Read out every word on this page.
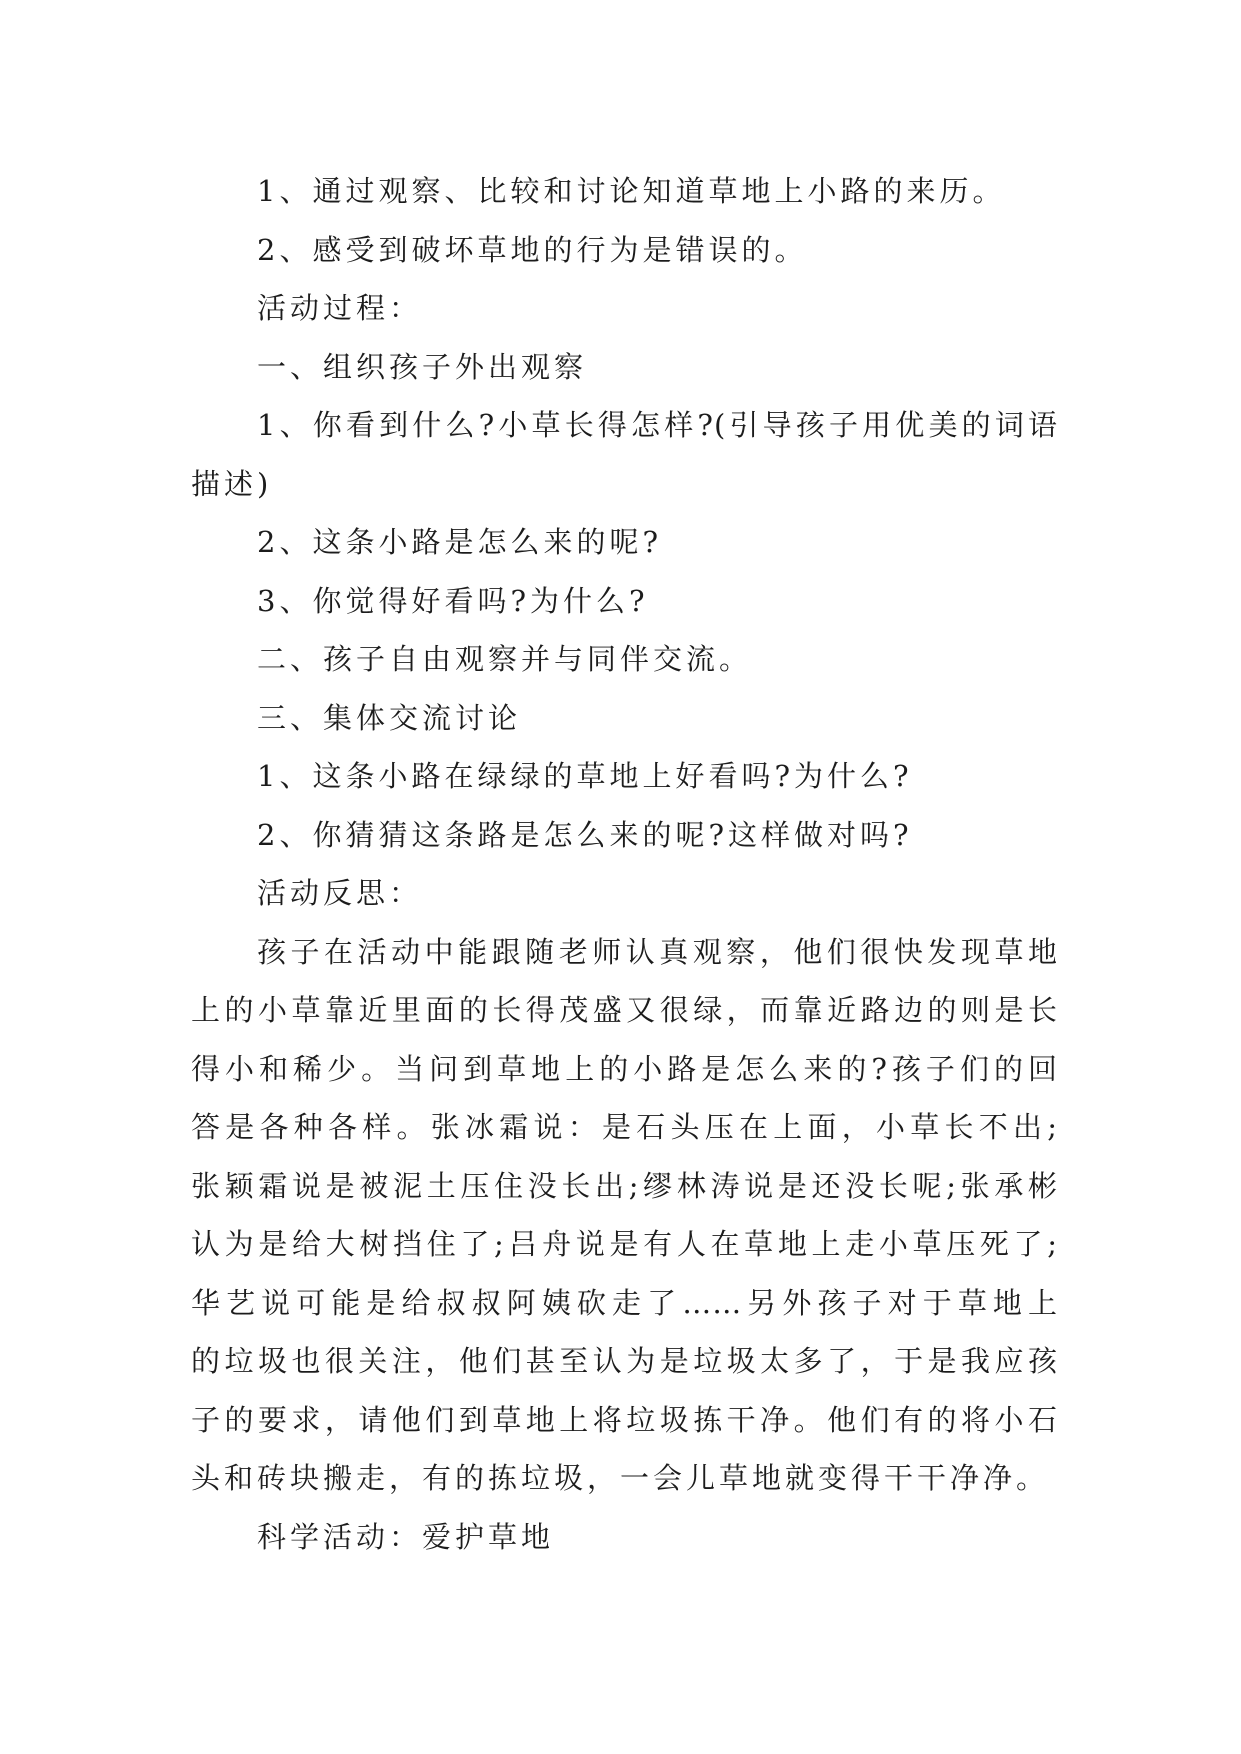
1、通过观察、比较和讨论知道草地上小路的来历。
2、感受到破坏草地的行为是错误的。
活动过程：
一、组织孩子外出观察
1、你看到什么?小草长得怎样?(引导孩子用优美的词语
描述)
2、这条小路是怎么来的呢?
3、你觉得好看吗?为什么?
二、孩子自由观察并与同伴交流。
三、集体交流讨论
1、这条小路在绿绿的草地上好看吗?为什么?
2、你猜猜这条路是怎么来的呢?这样做对吗?
活动反思：
孩子在活动中能跟随老师认真观察，他们很快发现草地
上的小草靠近里面的长得茂盛又很绿，而靠近路边的则是长
得小和稀少。当问到草地上的小路是怎么来的?孩子们的回
答是各种各样。张冰霜说：是石头压在上面，小草长不出;
张颖霜说是被泥土压住没长出;缪林涛说是还没长呢;张承彬
认为是给大树挡住了;吕舟说是有人在草地上走小草压死了;
华艺说可能是给叔叔阿姨砍走了……另外孩子对于草地上
的垃圾也很关注，他们甚至认为是垃圾太多了，于是我应孩
子的要求，请他们到草地上将垃圾拣干净。他们有的将小石
头和砖块搬走，有的拣垃圾，一会儿草地就变得干干净净。
科学活动：爱护草地
